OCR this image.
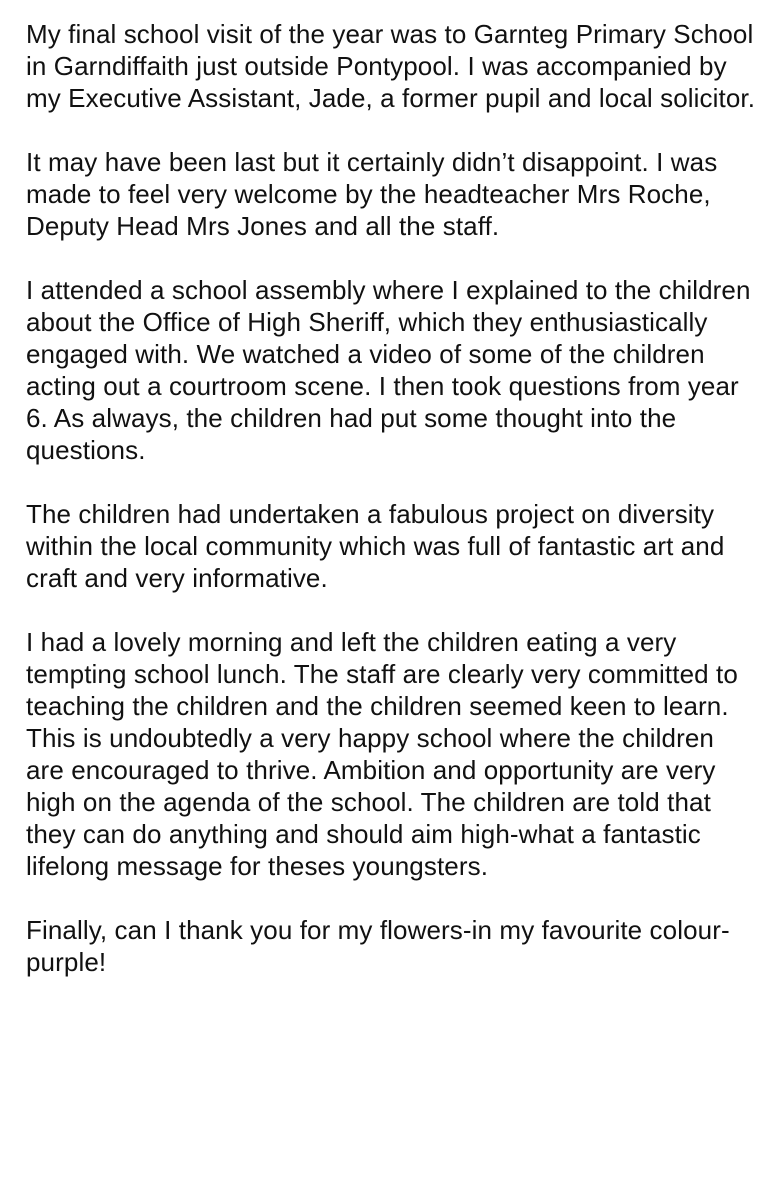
My final school visit of the year was to Garnteg Primary School in Garndiffaith just outside Pontypool. I was accompanied by my Executive Assistant, Jade, a former pupil and local solicitor.

It may have been last but it certainly didn’t disappoint. I was made to feel very welcome by the headteacher Mrs Roche, Deputy Head Mrs Jones and all the staff.

I attended a school assembly where I explained to the children about the Office of High Sheriff, which they enthusiastically engaged with. We watched a video of some of the children acting out a courtroom scene. I then took questions from year 6. As always, the children had put some thought into the questions.

The children had undertaken a fabulous project on diversity within the local community which was full of fantastic art and craft and very informative.

I had a lovely morning and left the children eating a very tempting school lunch. The staff are clearly very committed to teaching the children and the children seemed keen to learn. This is undoubtedly a very happy school where the children are encouraged to thrive. Ambition and opportunity are very high on the agenda of the school. The children are told that they can do anything and should aim high-what a fantastic lifelong message for theses youngsters.

Finally, can I thank you for my flowers-in my favourite colour-purple!
